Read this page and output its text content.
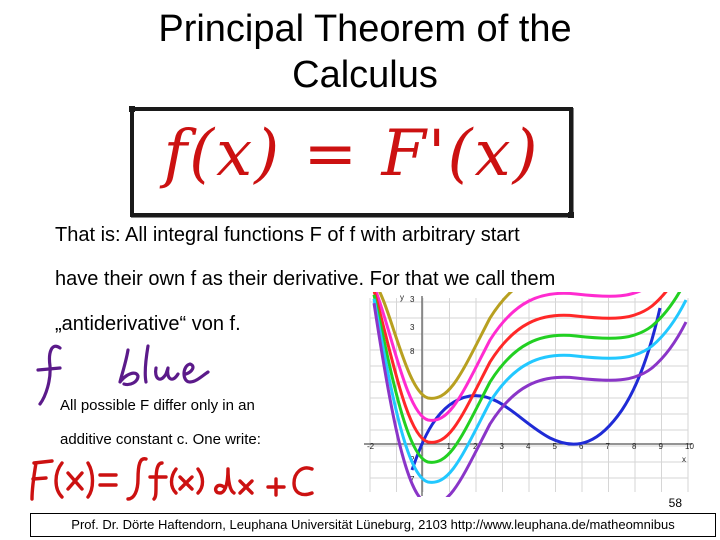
Principal Theorem of the
Calculus
f(x) = F'(x)
That is: All integral functions F of f with arbitrary start
have their own f as their derivative. For that we call them
„antiderivative“ von f.
All possible F differ only in an
additive constant c. One write:	-2	1	2	3	4	5	6	7	8	9	10
3
3
8
2
7
x
y
58
Prof. Dr. Dörte Haftendorn, Leuphana Universität Lüneburg, 2103 http://www.leuphana.de/matheomnibus
